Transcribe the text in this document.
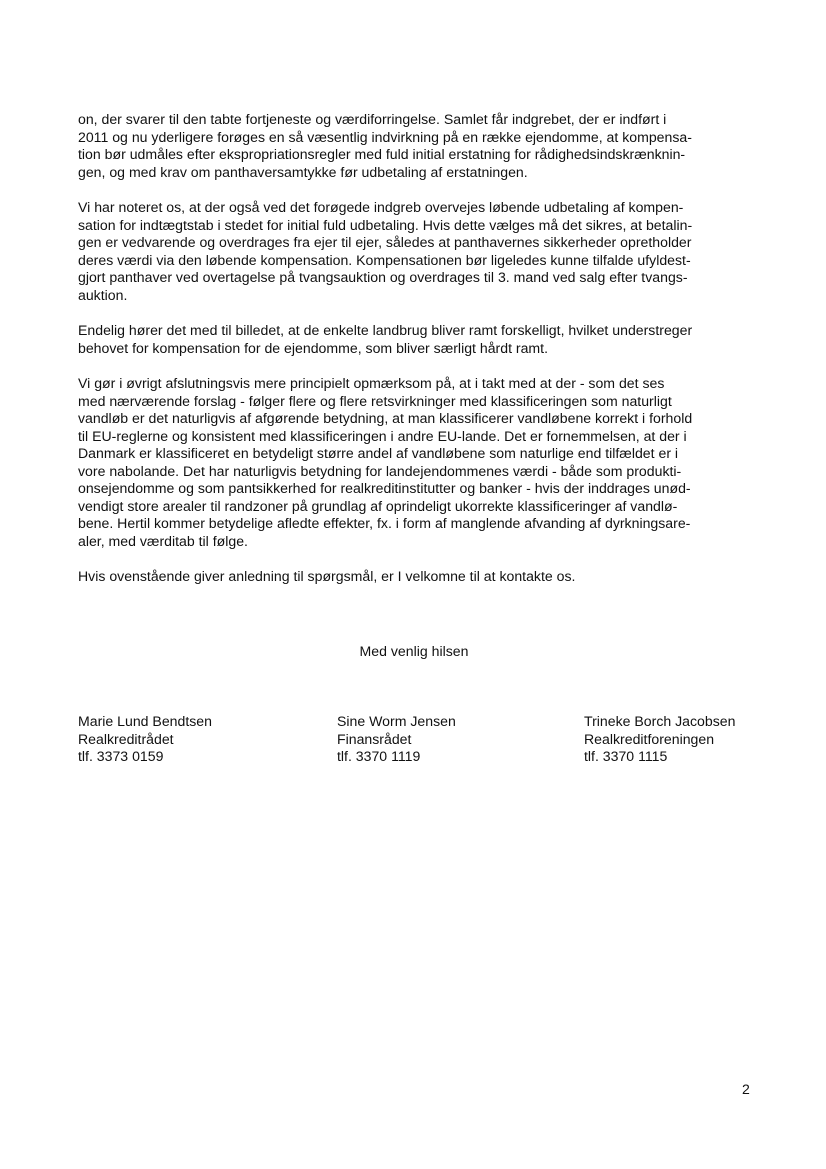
on, der svarer til den tabte fortjeneste og værdiforringelse. Samlet får indgrebet, der er indført i
2011 og nu yderligere forøges en så væsentlig indvirkning på en række ejendomme, at kompensa-
tion bør udmåles efter ekspropriationsregler med fuld initial erstatning for rådighedsindskrænknin-
gen, og med krav om panthaversamtykke før udbetaling af erstatningen.

Vi har noteret os, at der også ved det forøgede indgreb overvejes løbende udbetaling af kompen-
sation for indtægtstab i stedet for initial fuld udbetaling. Hvis dette vælges må det sikres, at betalin-
gen er vedvarende og overdrages fra ejer til ejer, således at panthavernes sikkerheder opretholder
deres værdi via den løbende kompensation. Kompensationen bør ligeledes kunne tilfalde ufyldest-
gjort panthaver ved overtagelse på tvangsauktion og overdrages til 3. mand ved salg efter tvangs-
auktion.

Endelig hører det med til billedet, at de enkelte landbrug bliver ramt forskelligt, hvilket understreger
behovet for kompensation for de ejendomme, som bliver særligt hårdt ramt.

Vi gør i øvrigt afslutningsvis mere principielt opmærksom på, at i takt med at der - som det ses
med nærværende forslag - følger flere og flere retsvirkninger med klassificeringen som naturligt
vandløb er det naturligvis af afgørende betydning, at man klassificerer vandløbene korrekt i forhold
til EU-reglerne og konsistent med klassificeringen i andre EU-lande. Det er fornemmelsen, at der i
Danmark er klassificeret en betydeligt større andel af vandløbene som naturlige end tilfældet er i
vore nabolande. Det har naturligvis betydning for landejendommenes værdi - både som produkti-
onsejendomme og som pantsikkerhed for realkreditinstitutter og banker - hvis der inddrages unød-
vendigt store arealer til randzoner på grundlag af oprindeligt ukorrekte klassificeringer af vandlø-
bene. Hertil kommer betydelige afledte effekter, fx. i form af manglende afvanding af dyrkningsare-
aler, med værditab til følge.

Hvis ovenstående giver anledning til spørgsmål, er I velkomne til at kontakte os.

Med venlig hilsen
Marie Lund Bendtsen
Realkreditrådet
tlf. 3373 0159
Sine Worm Jensen
Finansrådet
tlf. 3370 1119
Trineke Borch Jacobsen
Realkreditforeningen
tlf. 3370 1115
2
